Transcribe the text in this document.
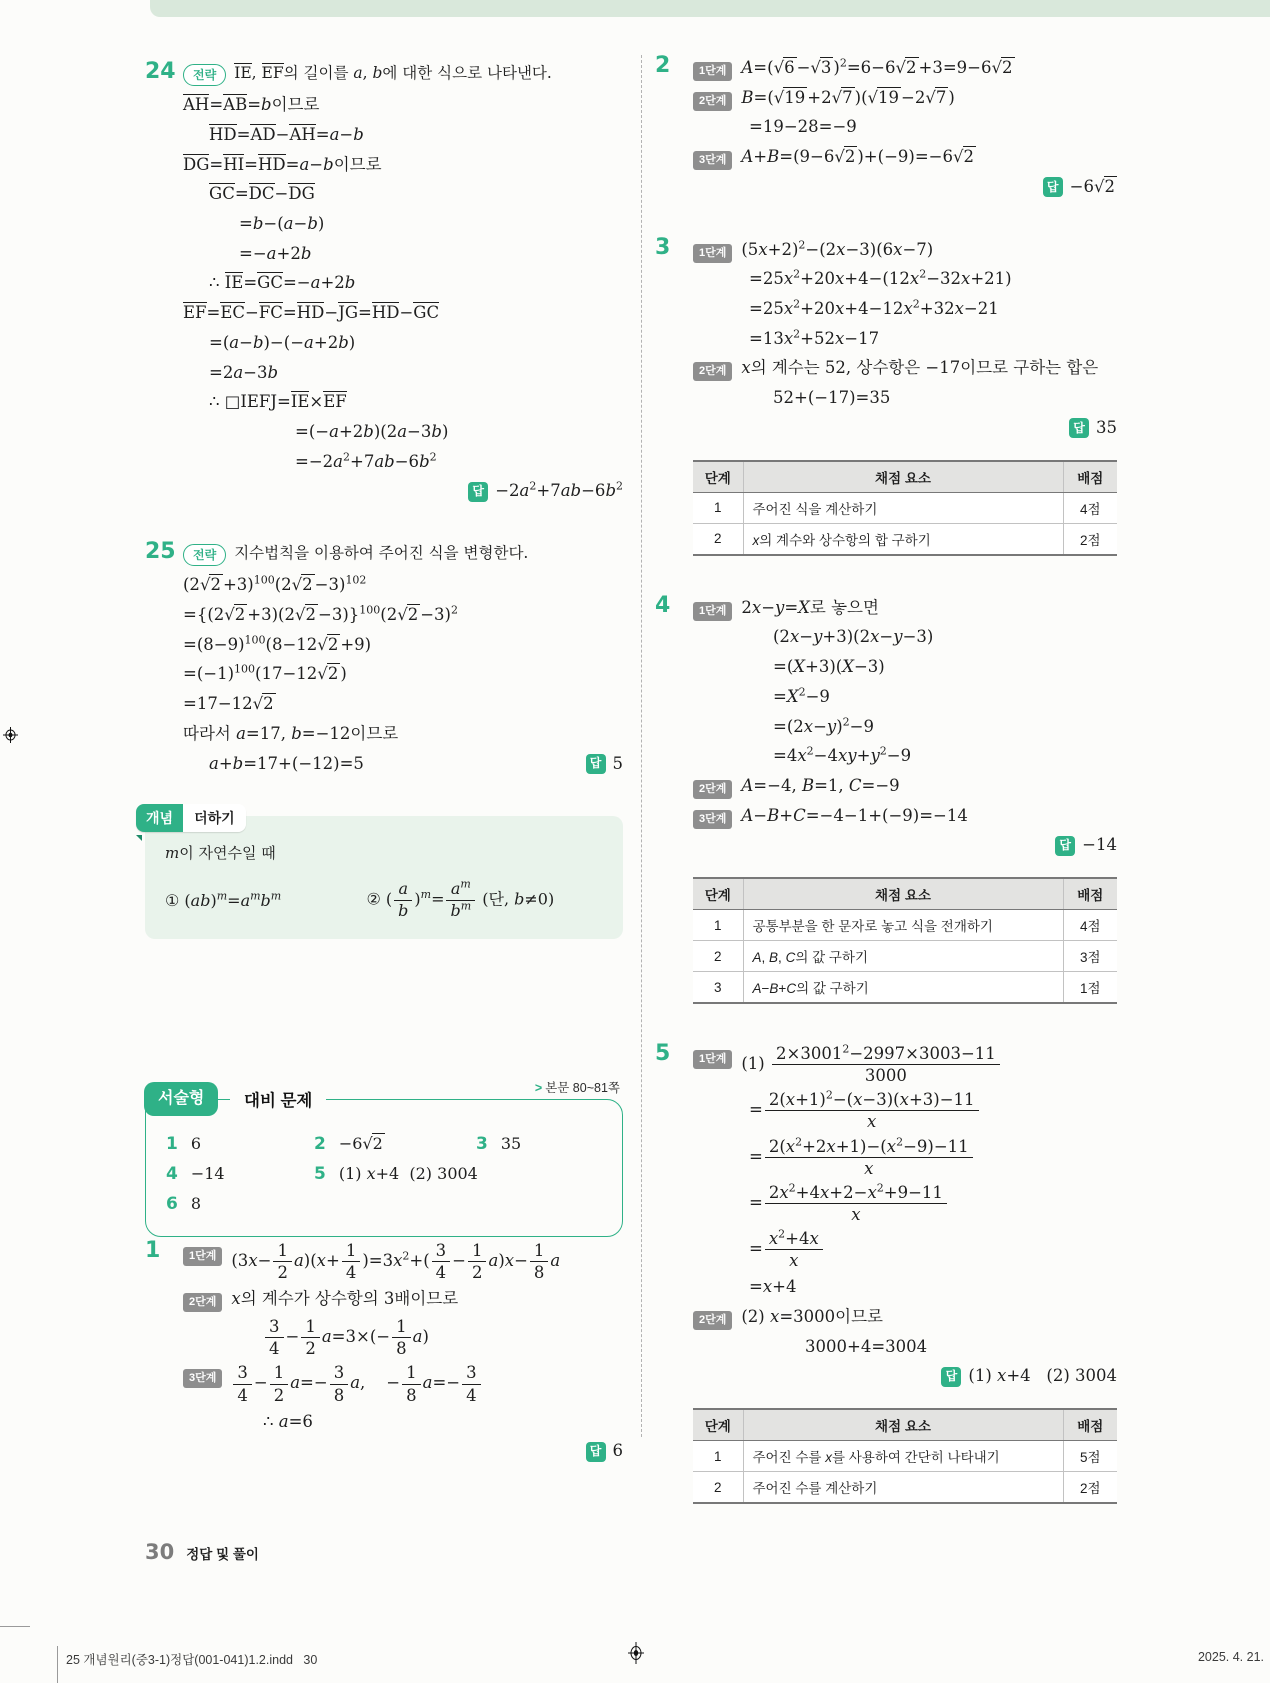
24	전략	IE, EF의 길이를 a, b에 대한 식으로 나타낸다.
AH=AB=b이므로
HD=AD−AH=a−b
DG=HI=HD=a−b이므로
GC=DC−DG
=b−(a−b)
=−a+2b
∴ IE=GC=−a+2b
EF=EC−FC=HD−JG=HD−GC
=(a−b)−(−a+2b)
=2a−3b
∴ □IEFJ=IE×EF
=(−a+2b)(2a−3b)
$=-2a^2+7ab-6b^2$
답 $-2a^2+7ab-6b^2$
25	전략	지수법칙을 이용하여 주어진 식을 변형한다.
$(2√2 +3)^{100}(2√2 -3)^{102}$
$=\{(2√2 +3)(2√2 -3)\}^{100}(2√2 -3)^2$
$=(8-9)^{100}(8-12√2 +9)$
$=(-1)^{100}(17-12√2$ )
=17−12√2
따라서 a=17, b=−12이므로
a+b=17+(−12)=5	답 5
개념	더하기
m이 자연수일 때
① $(ab)^m=a^mb^m$	② ( $\frac{a}{b} )^m= \frac{a^m}{b^m}$ (단, b≠0)
서술형	대비 문제
> 본문 80~81쪽
1 6	2 −6√2	3 35
4 −14	5 (1) x+4  (2) 3004
6 8
1	1단계 $(3x- \frac{1}{2} a)(x+ \frac{1}{4} )=3x^2+( \frac{3}{4} - \frac{1}{2} a)x- \frac{1}{8}$ a
2단계 x의 계수가 상수항의 3배이므로
$\frac{3}{4} - \frac{1}{2} a=3\times(- \frac{1}{8} a)$
3단계	$\frac{3}{4} - \frac{1}{2} a=- \frac{3}{8} a$,    − $\frac{1}{8} a=- \frac{3}{4}$
∴ a=6
답 6
2	1단계 A=(√6 −√3 )$^2$=6−6√2 +3=9−6√2
2단계 B=(√19 +2√7 )(√19 −2√7 )
=19−28=−9
3단계 A+B=(9−6√2 )+(−9)=−6√2
답 −6√2
3	1단계 $(5x+2)^2-(2x-3)(6x-7)$
$=25x^2+20x+4-(12x^2-32x+21)$
$=25x^2+20x+4-12x^2+32x-21$
$=13x^2+52x-17$
2단계 x의 계수는 52, 상수항은 −17이므로 구하는 합은
52+(−17)=35
답 35
단계	채점 요소	배점
1	주어진 식을 계산하기	4점
2	x의 계수와 상수항의 합 구하기	2점
4	1단계 2x−y=X로 놓으면
(2x−y+3)(2x−y−3)
=(X+3)(X−3)
$=X^2-9$
$=(2x-y)^2-9$
$=4x^2-4xy+y^2-9$
2단계 A=−4, B=1, C=−9
3단계 A−B+C=−4−1+(−9)=−14
답 −14
단계	채점 요소	배점
1	공통부분을 한 문자로 놓고 식을 전개하기	4점
2	A, B, C의 값 구하기	3점
3	A−B+C의 값 구하기	1점
5	1단계 $(1) \frac{2\times 3001^2-2997\times 3003-11}{3000}$
= $\frac{2(x+1)^2-(x-3)(x+3)-11}{x}$
= $\frac{2(x^2+2x+1)-(x^2-9)-11}{x}$
= $\frac{2x^2+4x+2-x^2+9-11}{x}$
= $\frac{x^2+4x}{x}$
=x+4
2단계 (2) x=3000이므로
3000+4=3004
답 (1) x+4   (2) 3004
단계	채점 요소	배점
1	주어진 수를 x를 사용하여 간단히 나타내기	5점
2	주어진 수를 계산하기	2점
30 정답 및 풀이
25 개념원리(중3-1)정답(001-041)1.2.indd   30	2025. 4. 21.
